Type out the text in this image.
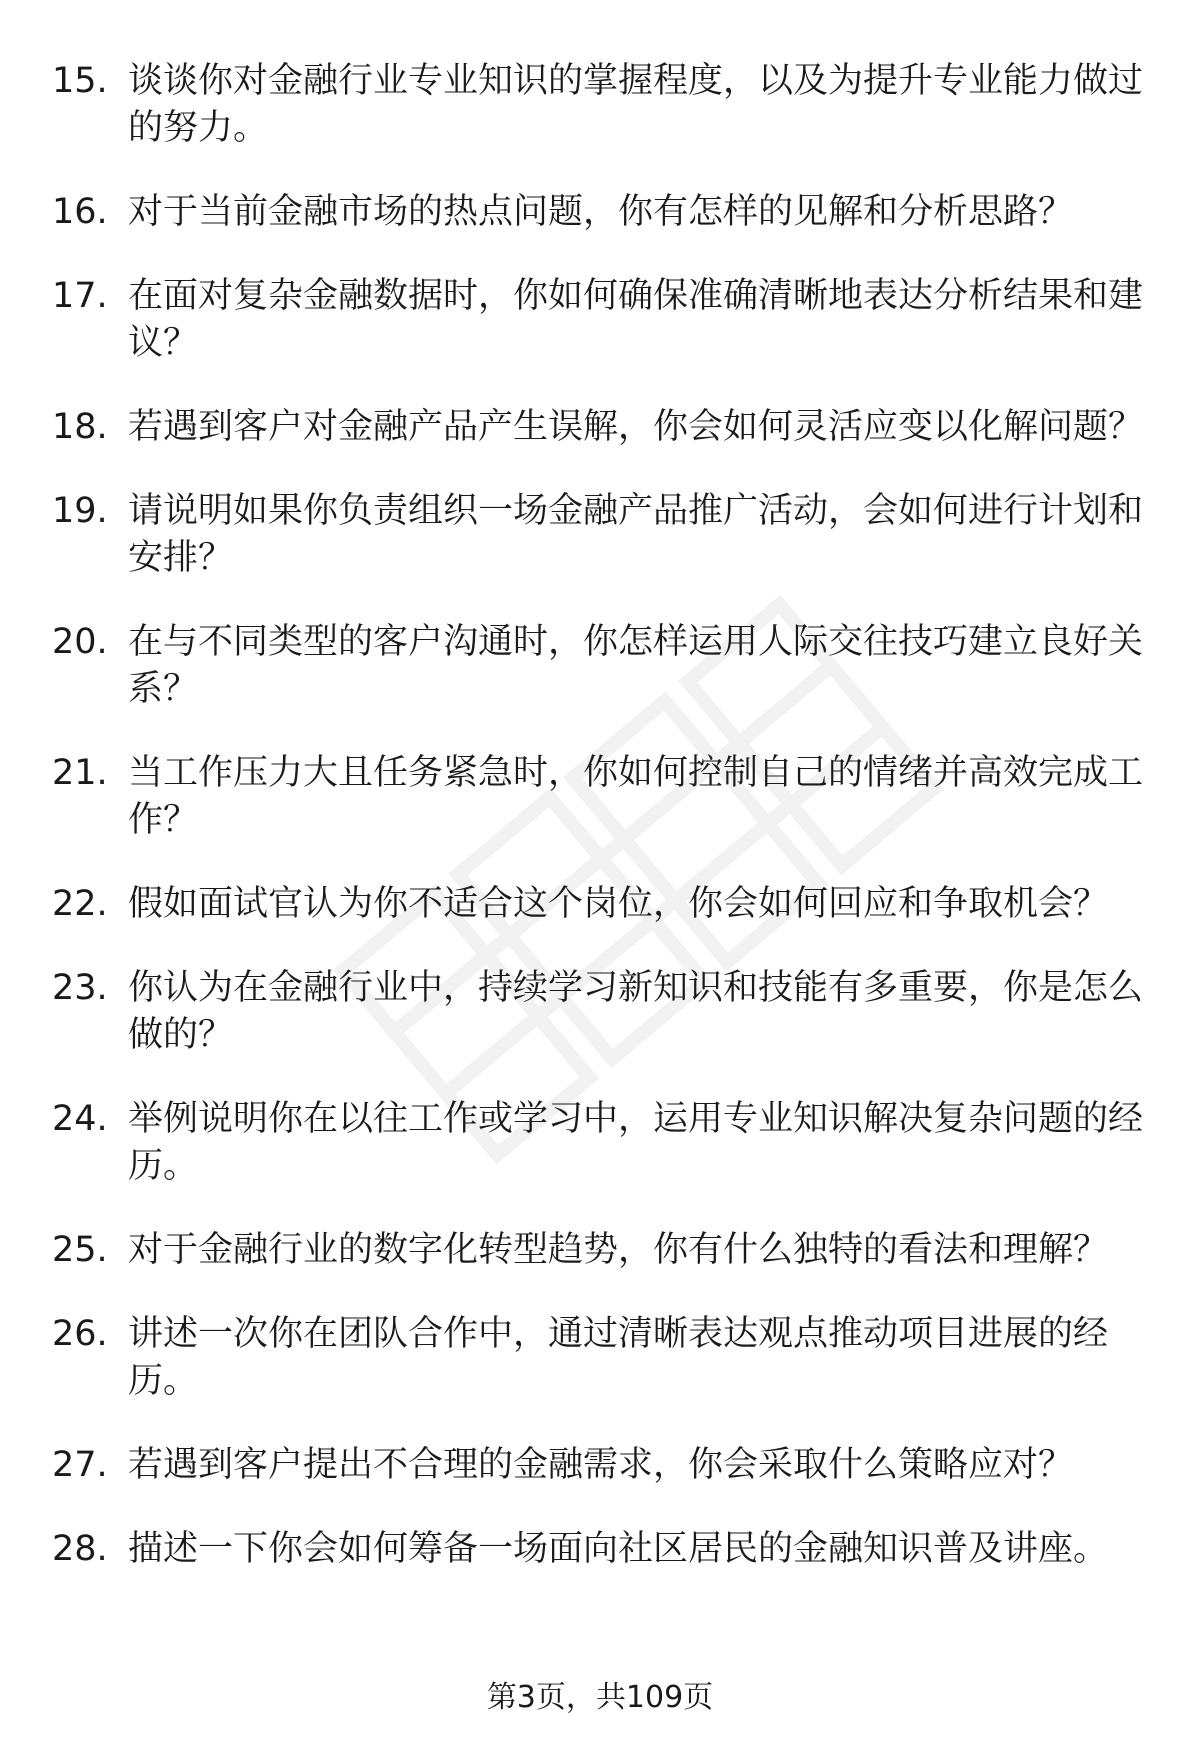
15. 谈谈你对金融行业专业知识的掌握程度，以及为提升专业能力做过的努力。
16. 对于当前金融市场的热点问题，你有怎样的见解和分析思路？
17. 在面对复杂金融数据时，你如何确保准确清晰地表达分析结果和建议？
18. 若遇到客户对金融产品产生误解，你会如何灵活应变以化解问题？
19. 请说明如果你负责组织一场金融产品推广活动，会如何进行计划和安排？
20. 在与不同类型的客户沟通时，你怎样运用人际交往技巧建立良好关系？
21. 当工作压力大且任务紧急时，你如何控制自己的情绪并高效完成工作？
22. 假如面试官认为你不适合这个岗位，你会如何回应和争取机会？
23. 你认为在金融行业中，持续学习新知识和技能有多重要，你是怎么做的？
24. 举例说明你在以往工作或学习中，运用专业知识解决复杂问题的经历。
25. 对于金融行业的数字化转型趋势，你有什么独特的看法和理解？
26. 讲述一次你在团队合作中，通过清晰表达观点推动项目进展的经历。
27. 若遇到客户提出不合理的金融需求，你会采取什么策略应对？
28. 描述一下你会如何筹备一场面向社区居民的金融知识普及讲座。
第3页，共109页
